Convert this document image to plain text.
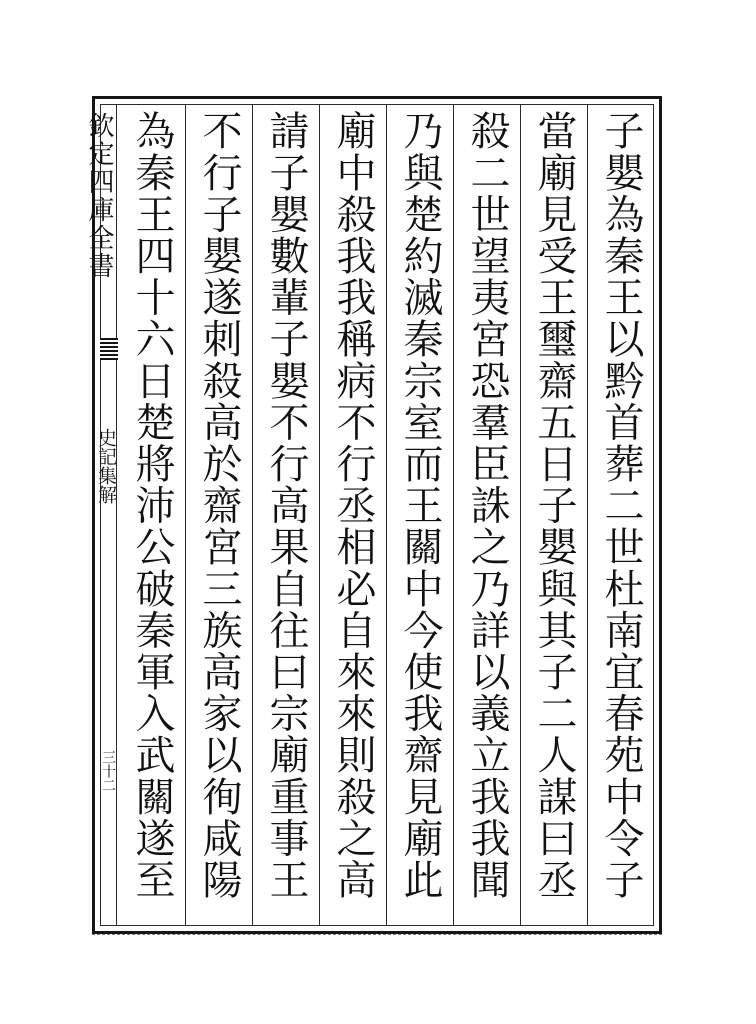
欽定四庫全書
史記集解
三十二
子嬰為秦王以黔首葬二世杜南宜春苑中令子
當廟見受王璽齋五日子嬰與其子二人謀曰丞
殺二世望夷宮恐羣臣誅之乃詳以義立我我聞
乃與楚約滅秦宗室而王關中今使我齋見廟此
廟中殺我我稱病不行丞相必自來來則殺之高
請子嬰數輩子嬰不行高果自往曰宗廟重事王
不行子嬰遂刺殺高於齋宮三族高家以徇咸陽
為秦王四十六日楚將沛公破秦軍入武關遂至
